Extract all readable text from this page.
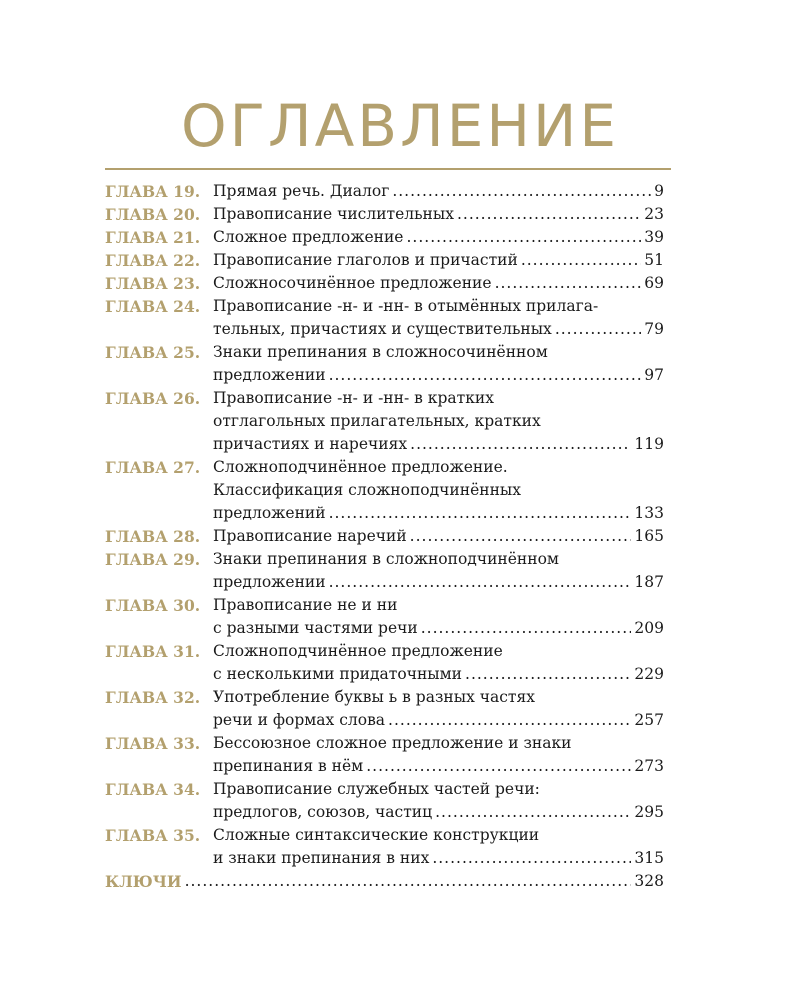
ОГЛАВЛЕНИЕ
ГЛАВА 19. Прямая речь. Диалог .....	9
ГЛАВА 20. Правописание числительных .....	23
ГЛАВА 21. Сложное предложение .....	39
ГЛАВА 22. Правописание глаголов и причастий .....	51
ГЛАВА 23. Сложносочинённое предложение .....	69
ГЛАВА 24. Правописание -н- и -нн- в отымённых прилага-
тельных, причастиях и существительных .....	79
ГЛАВА 25. Знаки препинания в сложносочинённом
предложении .....	97
ГЛАВА 26. Правописание -н- и -нн- в кратких
отглагольных прилагательных, кратких
причастиях и наречиях .....	119
ГЛАВА 27. Сложноподчинённое предложение.
Классификация сложноподчинённых
предложений .....	133
ГЛАВА 28. Правописание наречий .....	165
ГЛАВА 29. Знаки препинания в сложноподчинённом
предложении .....	187
ГЛАВА 30. Правописание не и ни
с разными частями речи .....	209
ГЛАВА 31. Сложноподчинённое предложение
с несколькими придаточными .....	229
ГЛАВА 32. Употребление буквы ь в разных частях
речи и формах слова .....	257
ГЛАВА 33. Бессоюзное сложное предложение и знаки
препинания в нём .....	273
ГЛАВА 34. Правописание служебных частей речи:
предлогов, союзов, частиц .....	295
ГЛАВА 35. Сложные синтаксические конструкции
и знаки препинания в них .....	315
КЛЮЧИ .....	328
